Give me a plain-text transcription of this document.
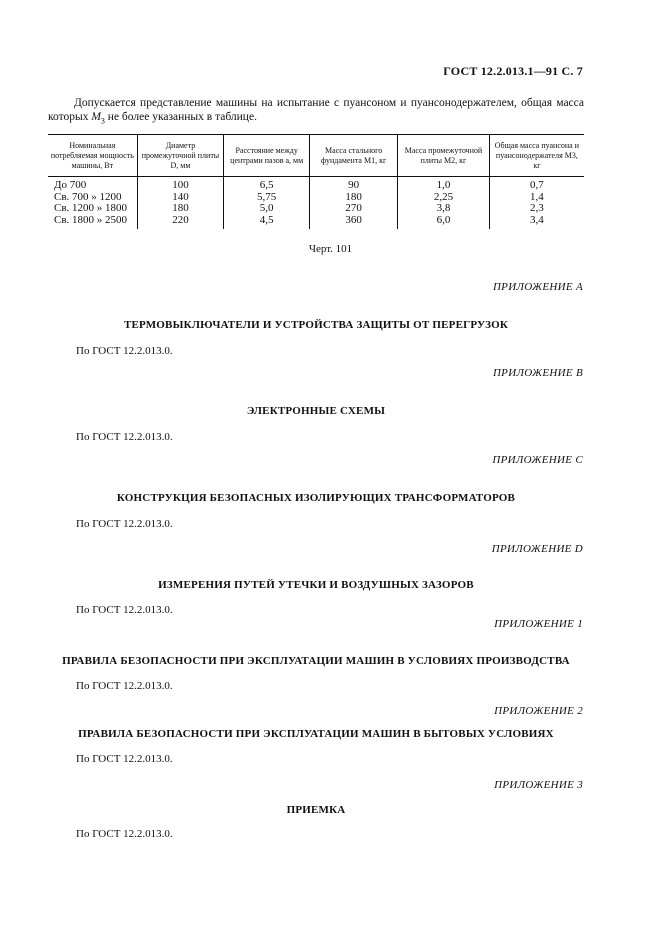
ГОСТ 12.2.013.1—91 С. 7
Допускается представление машины на испытание с пуансоном и пуансонодержателем, общая масса которых $M_3$ не более указанных в таблице.
Номинальная потребляемая мощность машины, Вт	Диаметр промежуточной плиты D, мм	Расстояние между центрами пазов a, мм	Масса стального фундамента M1, кг	Масса промежуточной плиты M2, кг	Общая масса пуансона и пуансонодержателя M3, кг
До 700	100	6,5	90	1,0	0,7
Св. 700 » 1200	140	5,75	180	2,25	1,4
Св. 1200 » 1800	180	5,0	270	3,8	2,3
Св. 1800 » 2500	220	4,5	360	6,0	3,4
Черт. 101
ПРИЛОЖЕНИЕ А
ТЕРМОВЫКЛЮЧАТЕЛИ И УСТРОЙСТВА ЗАЩИТЫ ОТ ПЕРЕГРУЗОК
По ГОСТ 12.2.013.0.
ПРИЛОЖЕНИЕ В
ЭЛЕКТРОННЫЕ СХЕМЫ
По ГОСТ 12.2.013.0.
ПРИЛОЖЕНИЕ С
КОНСТРУКЦИЯ БЕЗОПАСНЫХ ИЗОЛИРУЮЩИХ ТРАНСФОРМАТОРОВ
По ГОСТ 12.2.013.0.
ПРИЛОЖЕНИЕ D
ИЗМЕРЕНИЯ ПУТЕЙ УТЕЧКИ И ВОЗДУШНЫХ ЗАЗОРОВ
По ГОСТ 12.2.013.0.
ПРИЛОЖЕНИЕ 1
ПРАВИЛА БЕЗОПАСНОСТИ ПРИ ЭКСПЛУАТАЦИИ МАШИН В УСЛОВИЯХ ПРОИЗВОДСТВА
По ГОСТ 12.2.013.0.
ПРИЛОЖЕНИЕ 2
ПРАВИЛА БЕЗОПАСНОСТИ ПРИ ЭКСПЛУАТАЦИИ МАШИН В БЫТОВЫХ УСЛОВИЯХ
По ГОСТ 12.2.013.0.
ПРИЛОЖЕНИЕ 3
ПРИЕМКА
По ГОСТ 12.2.013.0.
